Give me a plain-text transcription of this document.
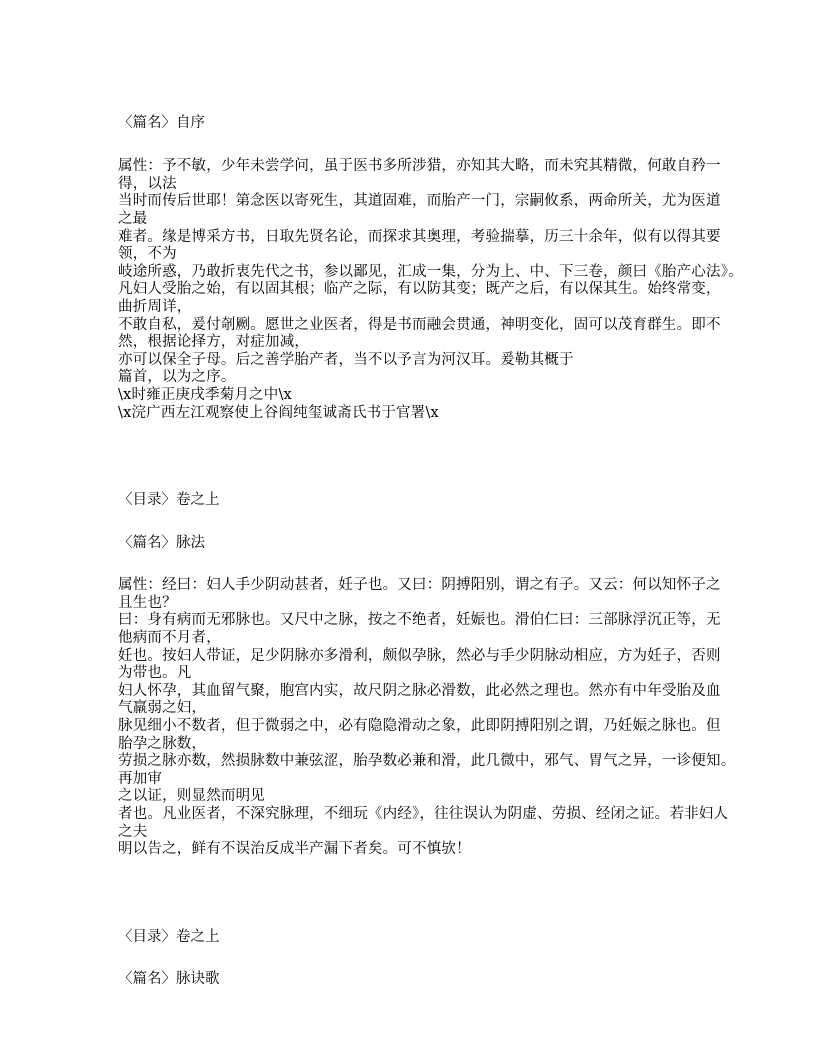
〈篇名〉自序
属性：予不敏，少年未尝学问，虽于医书多所涉猎，亦知其大略，而未究其精微，何敢自矜一
得，以法
当时而传后世耶！第念医以寄死生，其道固难，而胎产一门，宗嗣攸系，两命所关，尤为医道
之最
难者。缘是博采方书，日取先贤名论，而探求其奥理，考验揣摹，历三十余年，似有以得其要
领，不为
岐途所惑，乃敢折衷先代之书，参以鄙见，汇成一集，分为上、中、下三卷，颜曰《胎产心法》。
凡妇人受胎之始，有以固其根；临产之际，有以防其变；既产之后，有以保其生。始终常变，
曲折周详，
不敢自私，爰付剞劂。愿世之业医者，得是书而融会贯通，神明变化，固可以茂育群生。即不
然，根据论择方，对症加减，
亦可以保全子母。后之善学胎产者，当不以予言为河汉耳。爰勒其概于
篇首，以为之序。
\x时雍正庚戌季菊月之中\x
\x浣广西左江观察使上谷阎纯玺诚斋氏书于官署\x
〈目录〉卷之上
〈篇名〉脉法
属性：经曰：妇人手少阴动甚者，妊子也。又曰：阴搏阳别，谓之有子。又云：何以知怀子之
且生也？
曰：身有病而无邪脉也。又尺中之脉，按之不绝者，妊娠也。滑伯仁曰：三部脉浮沉正等，无
他病而不月者，
妊也。按妇人带证，足少阴脉亦多滑利，颇似孕脉，然必与手少阴脉动相应，方为妊子，否则
为带也。凡
妇人怀孕，其血留气聚，胞宫内实，故尺阴之脉必滑数，此必然之理也。然亦有中年受胎及血
气羸弱之妇，
脉见细小不数者，但于微弱之中，必有隐隐滑动之象，此即阴搏阳别之谓，乃妊娠之脉也。但
胎孕之脉数，
劳损之脉亦数，然损脉数中兼弦涩，胎孕数必兼和滑，此几微中，邪气、胃气之异，一诊便知。
再加审
之以证，则显然而明见
者也。凡业医者，不深究脉理，不细玩《内经》，往往误认为阴虚、劳损、经闭之证。若非妇人
之夫
明以告之，鲜有不误治反成半产漏下者矣。可不慎欤！
〈目录〉卷之上
〈篇名〉脉诀歌
